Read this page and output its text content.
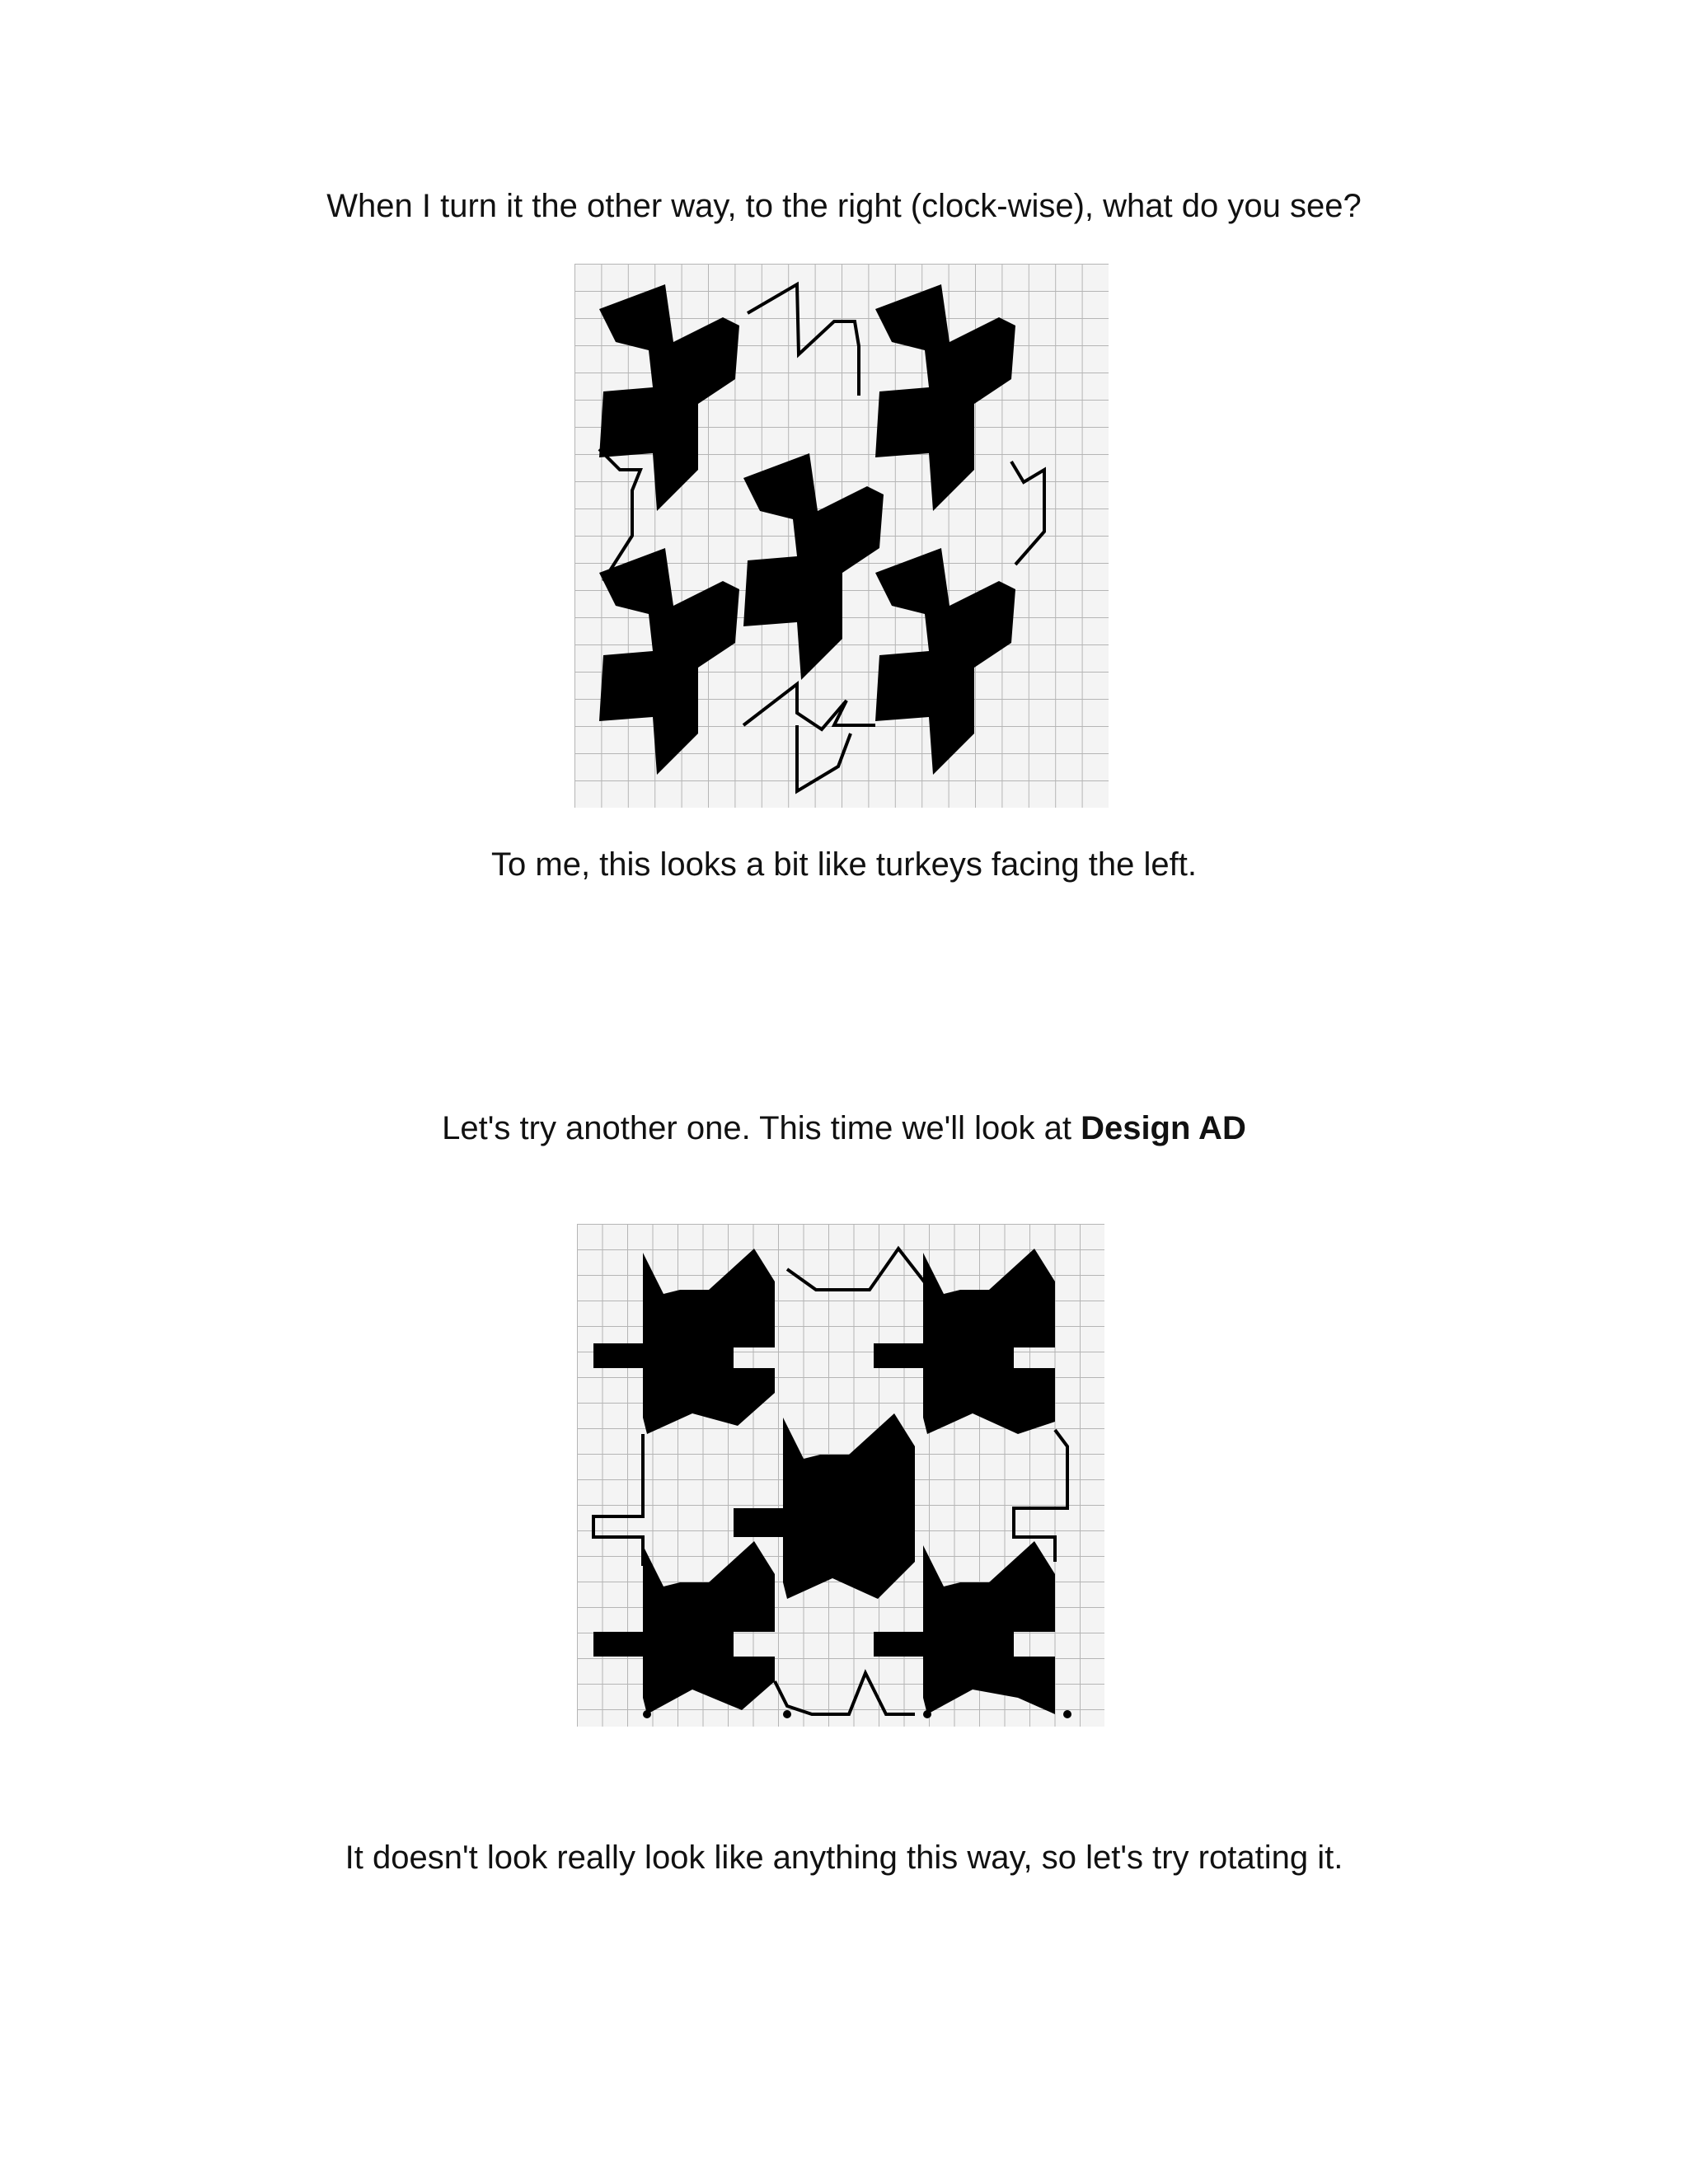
When I turn it the other way, to the right (clock-wise), what do you see?
To me, this looks a bit like turkeys facing the left.
Let's try another one. This time we'll look at Design AD
It doesn't look really look like anything this way, so let's try rotating it.
